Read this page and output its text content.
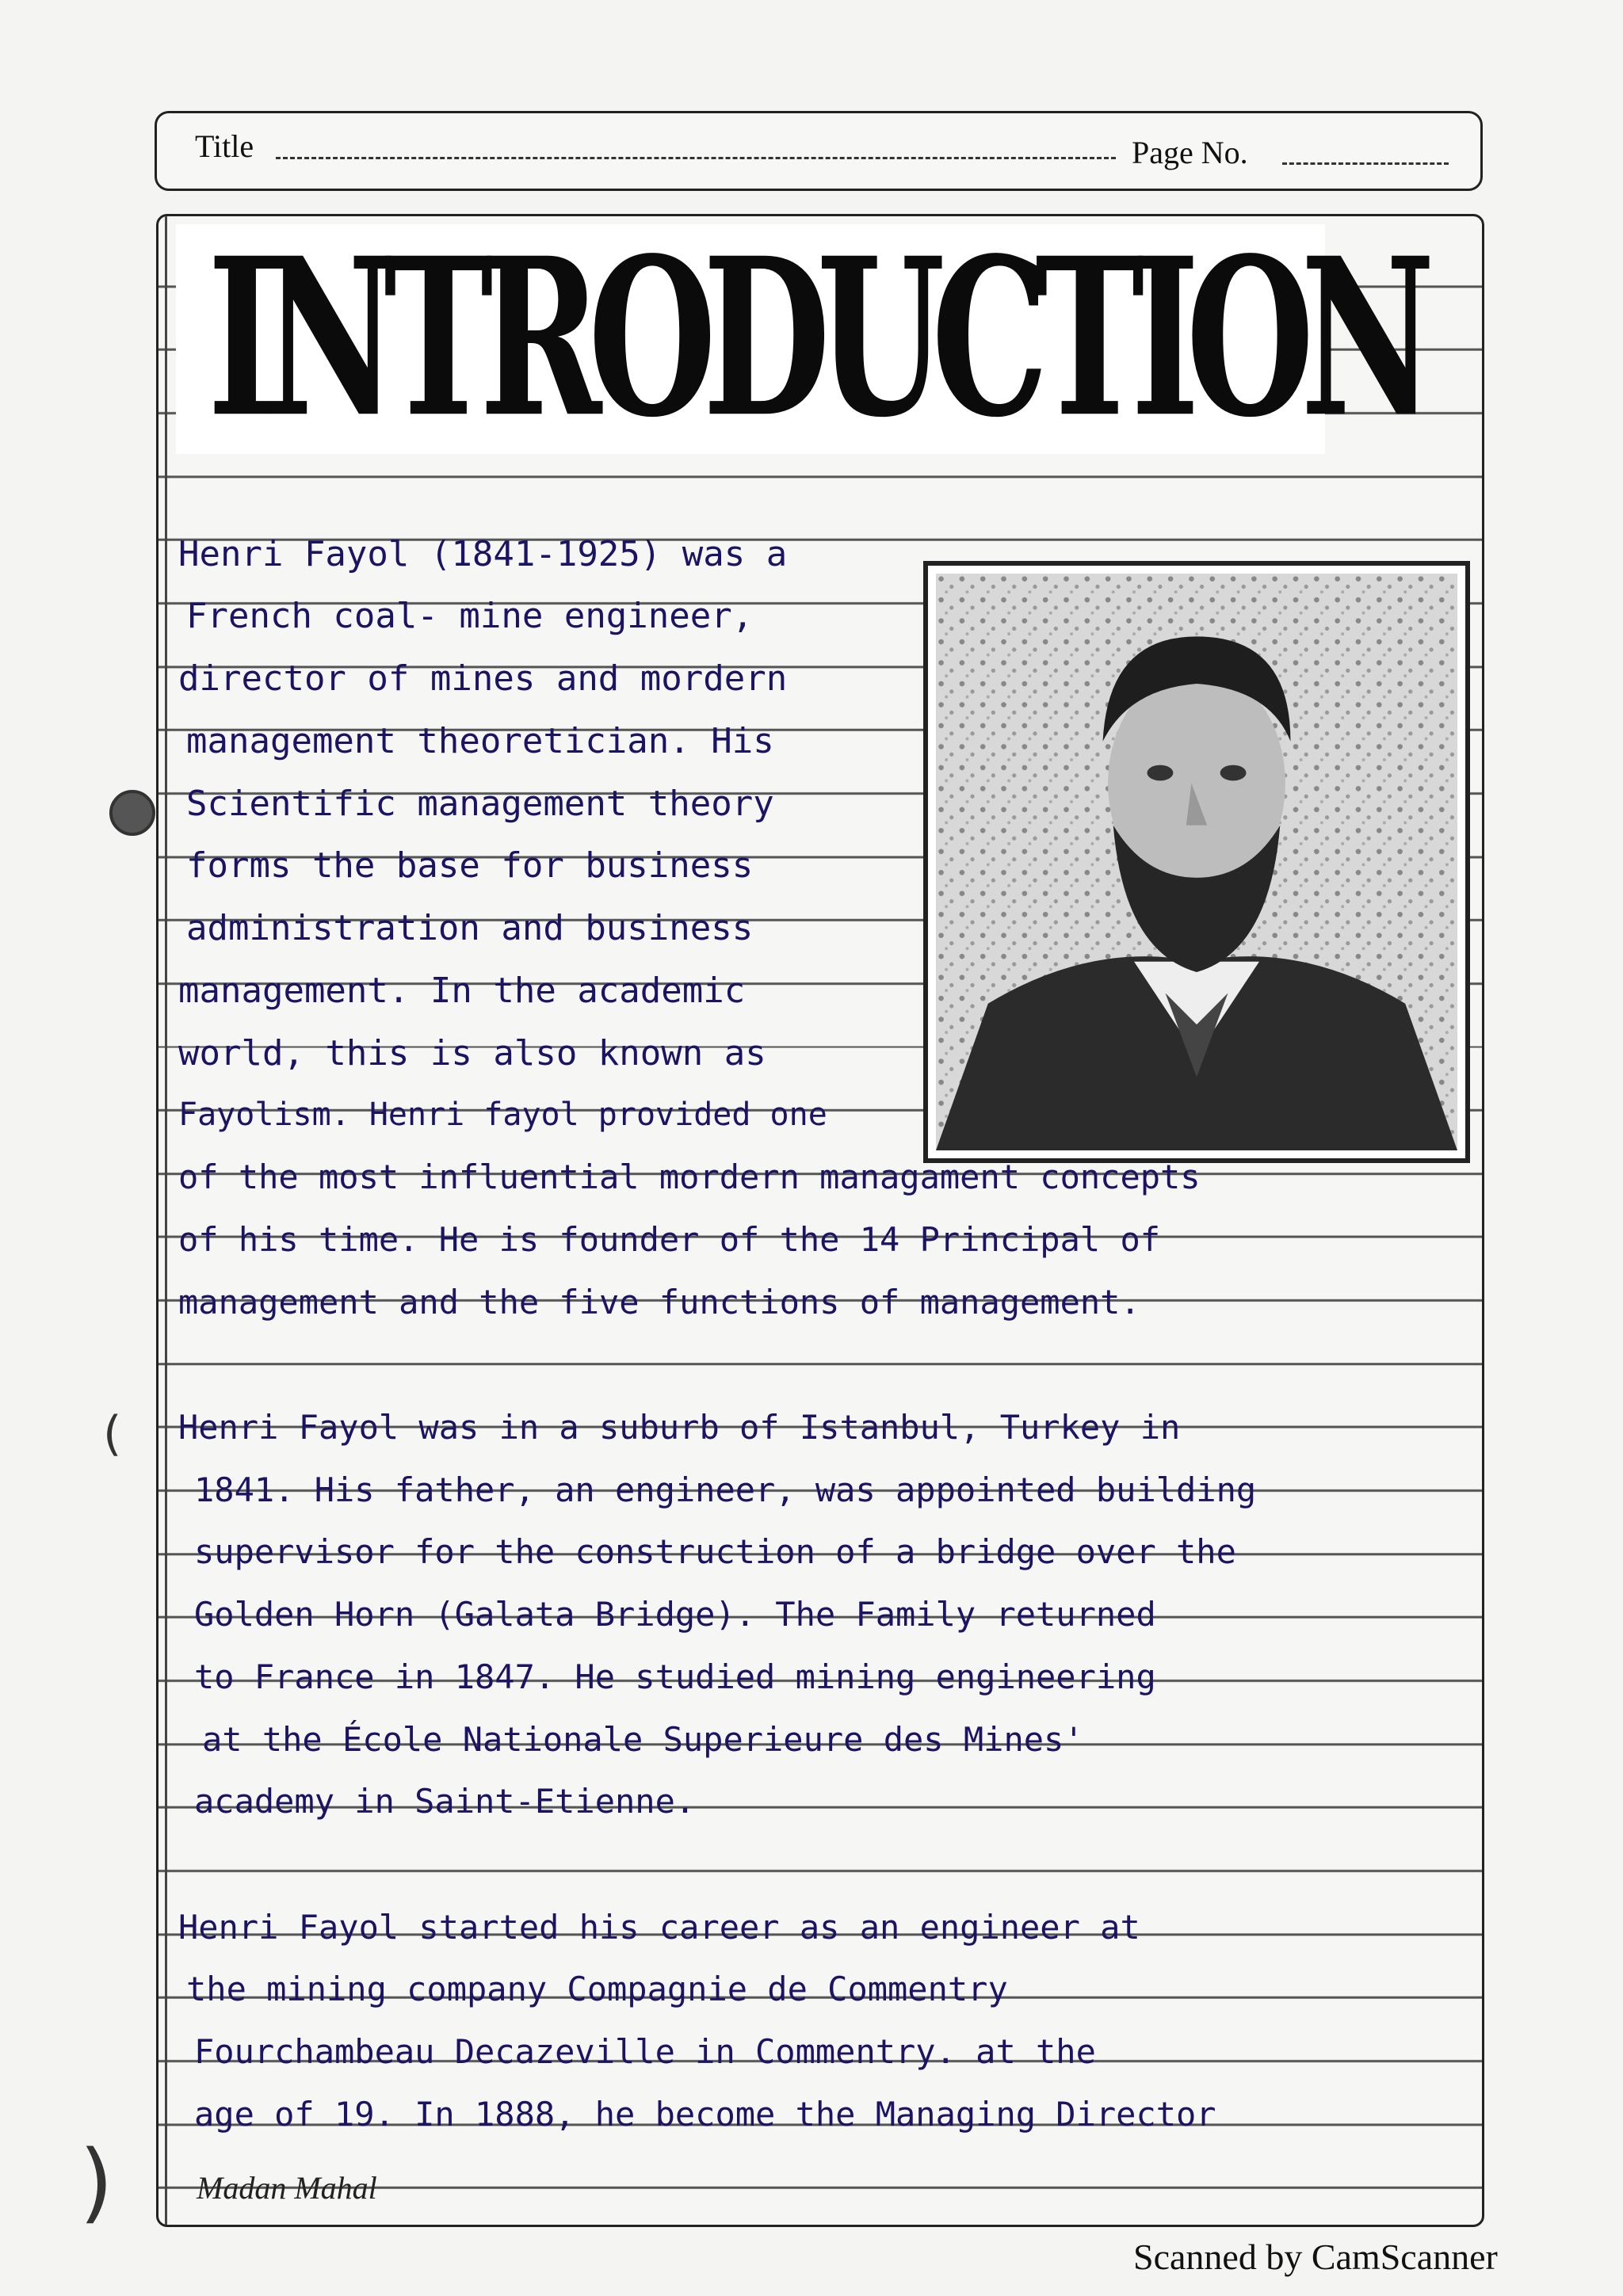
Title	Page No.
(
)
INTRODUCTION
Henri Fayol (1841-1925) was a
French coal- mine engineer,
director of mines and mordern
management theoretician. His
Scientific management theory
forms the base for business
administration and business
management. In the academic
world, this is also known as
Fayolism. Henri fayol provided one
of the most influential mordern managament concepts
of his time. He is founder of the 14 Principal of
management and the five functions of management.
Henri Fayol was in a suburb of Istanbul, Turkey in
1841. His father, an engineer, was appointed building
supervisor for the construction of a bridge over the
Golden Horn (Galata Bridge). The Family returned
to France in 1847. He studied mining engineering
at the École Nationale Superieure des Mines'
academy in Saint-Etienne.
Henri Fayol started his career as an engineer at
the mining company Compagnie de Commentry
Fourchambeau Decazeville in Commentry. at the
age of 19. In 1888, he become the Managing Director
Madan Mahal
Scanned by CamScanner
